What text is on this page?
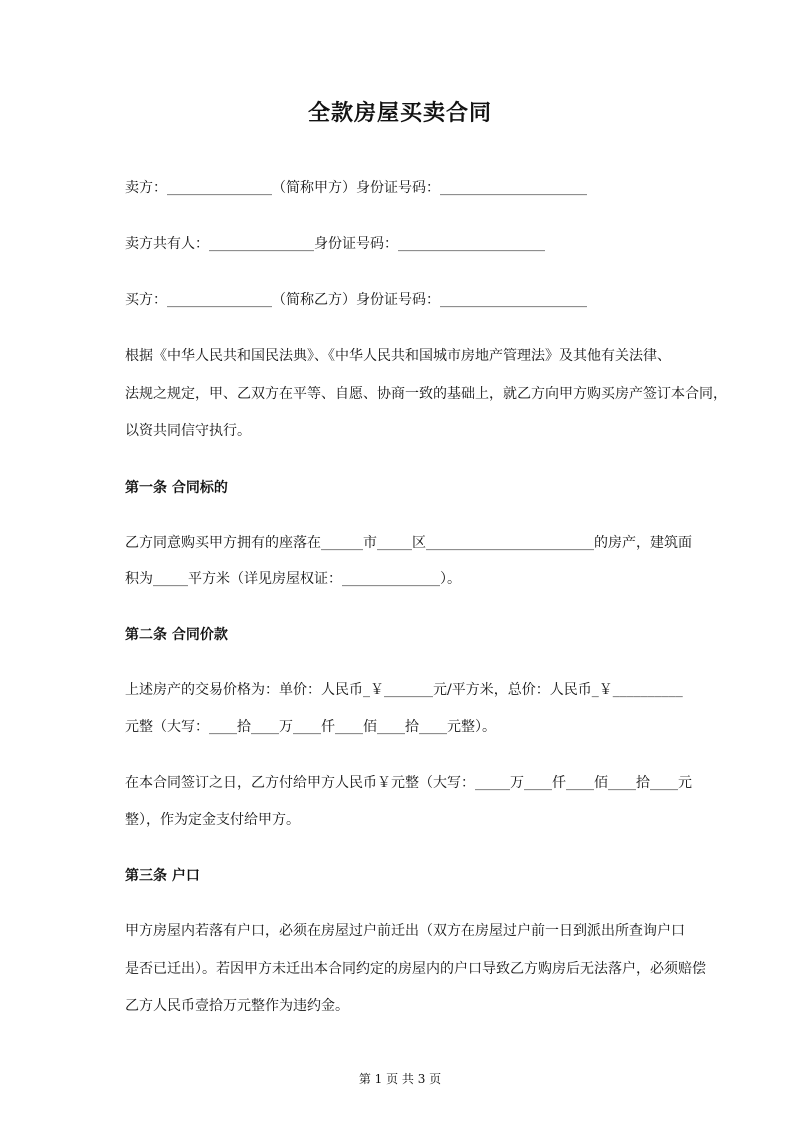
全款房屋买卖合同

卖方：_______________（简称甲方）身份证号码：_____________________

卖方共有人：_______________身份证号码：_____________________

买方：_______________（简称乙方）身份证号码：_____________________

根据《中华人民共和国民法典》、《中华人民共和国城市房地产管理法》及其他有关法律、

法规之规定，甲、乙双方在平等、自愿、协商一致的基础上，就乙方向甲方购买房产签订本合同，

以资共同信守执行。

第一条 合同标的

乙方同意购买甲方拥有的座落在______市_____区________________________的房产，建筑面

积为_____平方米（详见房屋权证：______________）。

第二条 合同价款

上述房产的交易价格为：单价：人民币_￥_______元/平方米，总价：人民币_￥__________

元整（大写：____拾____万____仟____佰____拾____元整）。

在本合同签订之日，乙方付给甲方人民币￥元整（大写：_____万____仟____佰____拾____元

整），作为定金支付给甲方。

第三条 户口

甲方房屋内若落有户口，必须在房屋过户前迁出（双方在房屋过户前一日到派出所查询户口

是否已迁出）。若因甲方未迁出本合同约定的房屋内的户口导致乙方购房后无法落户，必须赔偿

乙方人民币壹拾万元整作为违约金。

第 1 页 共 3 页
